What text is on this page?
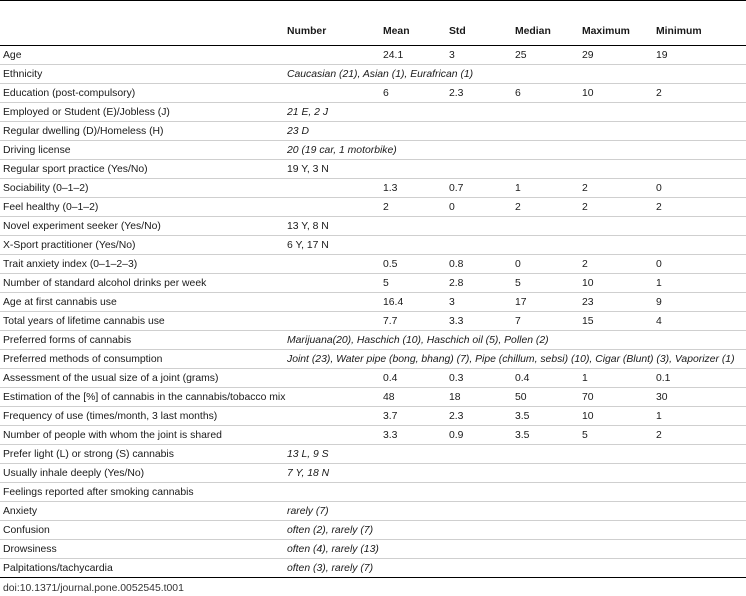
	Number	Mean	Std	Median	Maximum	Minimum
Age		24.1	3	25	29	19
Ethnicity	Caucasian (21), Asian (1), Eurafrican (1)					
Education (post-compulsory)		6	2.3	6	10	2
Employed or Student (E)/Jobless (J)	21 E, 2 J					
Regular dwelling (D)/Homeless (H)	23 D					
Driving license	20 (19 car, 1 motorbike)					
Regular sport practice (Yes/No)	19 Y, 3 N					
Sociability (0–1–2)		1.3	0.7	1	2	0
Feel healthy (0–1–2)		2	0	2	2	2
Novel experiment seeker (Yes/No)	13 Y, 8 N					
X-Sport practitioner (Yes/No)	6 Y, 17 N					
Trait anxiety index (0–1–2–3)		0.5	0.8	0	2	0
Number of standard alcohol drinks per week		5	2.8	5	10	1
Age at first cannabis use		16.4	3	17	23	9
Total years of lifetime cannabis use		7.7	3.3	7	15	4
Preferred forms of cannabis	Marijuana(20), Haschich (10), Haschich oil (5), Pollen (2)					
Preferred methods of consumption	Joint (23), Water pipe (bong, bhang) (7), Pipe (chillum, sebsi) (10), Cigar (Blunt) (3), Vaporizer (1)					
Assessment of the usual size of a joint (grams)		0.4	0.3	0.4	1	0.1
Estimation of the [%] of cannabis in the cannabis/tobacco mix		48	18	50	70	30
Frequency of use (times/month, 3 last months)		3.7	2.3	3.5	10	1
Number of people with whom the joint is shared		3.3	0.9	3.5	5	2
Prefer light (L) or strong (S) cannabis	13 L, 9 S					
Usually inhale deeply (Yes/No)	7 Y, 18 N					
Feelings reported after smoking cannabis						
Anxiety	rarely (7)					
Confusion	often (2), rarely (7)					
Drowsiness	often (4), rarely (13)					
Palpitations/tachycardia	often (3), rarely (7)					
doi:10.1371/journal.pone.0052545.t001
